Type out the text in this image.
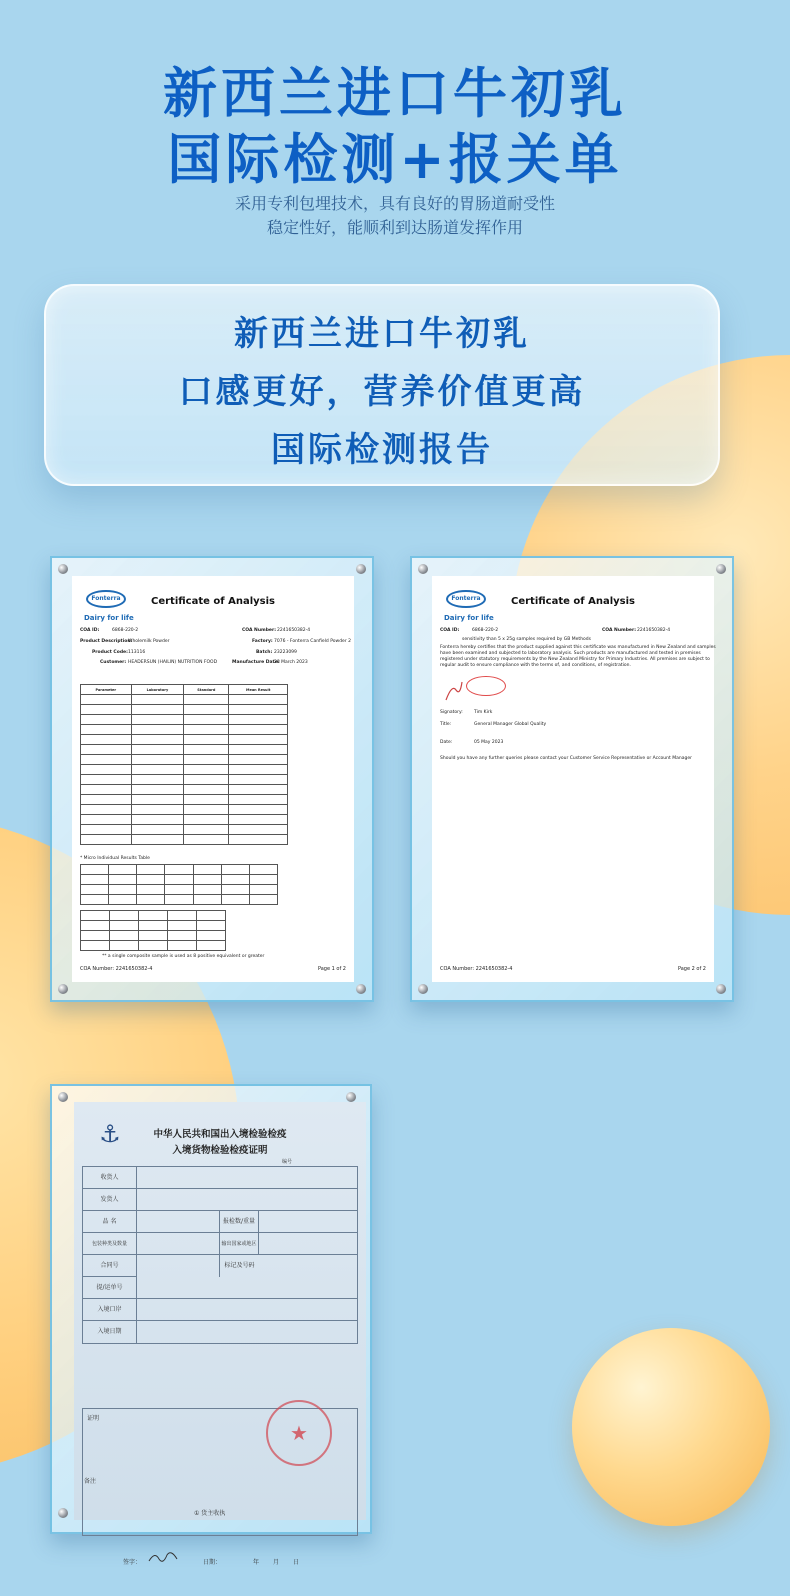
新西兰进口牛初乳
国际检测+报关单
采用专利包埋技术，具有良好的胃肠道耐受性
稳定性好，能顺利到达肠道发挥作用
新西兰进口牛初乳
口感更好，营养价值更高
国际检测报告
Fonterra
Dairy for life
Certificate of Analysis
COA ID:	6868-220-2	COA Number: 2241650382-4
Product Description:
Wholemilk Powder	Factory: 7076 - Fonterra Canfield Powder 2
Product Code: 113116	Batch: 23223099
Customer: HEADERSUN (HAILIN) NUTRITION FOOD	Manufacture Date:
28 March 2023
Parameter	Laboratory	Standard	Mean Result

* Micro Individual Results Table

** a single composite sample is used as 8 positive equivalent or greater
COA Number: 2241650382-4	Page 1 of 2
Fonterra
Dairy for life
Certificate of Analysis
COA ID:	6868-220-2	COA Number: 2241650382-4
sensitivity than 5 x 25g samples required by GB Methods
Fonterra hereby certifies that the product supplied against this certificate was manufactured in New Zealand and samples
have been examined and subjected to laboratory analysis. Such products are manufactured and tested in premises
registered under statutory requirements by the New Zealand Ministry for Primary Industries. All premises are subject to
regular audit to ensure compliance with the terms of, and conditions, of registration.
Signatory: Tim Kirk
Title:	General Manager Global Quality
Date:	05 May 2023
Should you have any further queries please contact your Customer Service Representative or Account Manager
COA Number: 2241650382-4	Page 2 of 2
⚓	中华人民共和国出入境检验检疫
入境货物检验检疫证明
编号
收货人
发货人
品 名	报检数/重量
包装种类及数量	输出国家或地区
合同号	标记及号码
提/运单号
入境口岸
入境日期
证明
签字：	日期：	年 月 日
★
备注
① 货主收执
